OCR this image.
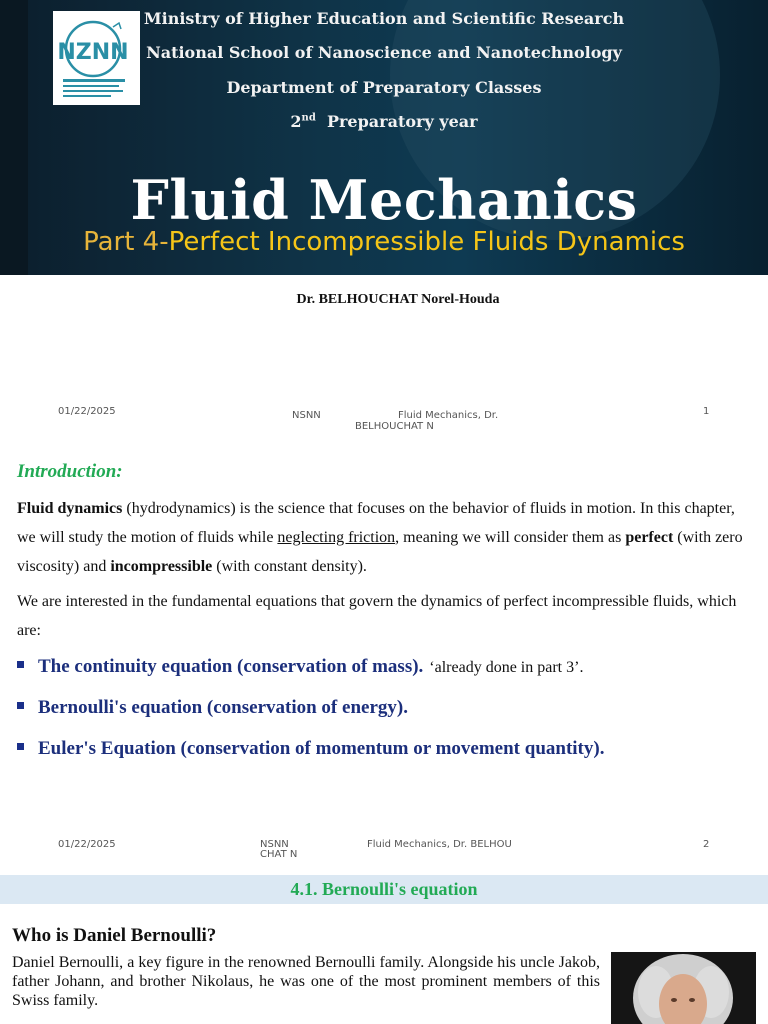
NZNN
Ministry of Higher Education and Scientific Research
National School of Nanoscience and Nanotechnology
Department of Preparatory Classes
2nd Preparatory year
Fluid Mechanics
Part 4-Perfect Incompressible Fluids Dynamics
Dr. BELHOUCHAT Norel-Houda
01/22/2025	NSNN	Fluid Mechanics, Dr.
BELHOUCHAT N
1
Introduction:
Fluid dynamics (hydrodynamics) is the science that focuses on the behavior of fluids in motion. In this chapter, we will study the motion of fluids while neglecting friction, meaning we will consider them as perfect (with zero viscosity) and incompressible (with constant density).
We are interested in the fundamental equations that govern the dynamics of perfect incompressible fluids, which are:
The continuity equation (conservation of mass). ‘already done in part 3’.
Bernoulli's equation (conservation of energy).
Euler's Equation (conservation of momentum or movement quantity).
01/22/2025	NSNN
CHAT N
Fluid Mechanics, Dr. BELHOU	2
4.1. Bernoulli's equation
Who is Daniel Bernoulli?
Daniel Bernoulli, a key figure in the renowned Bernoulli family. Alongside his uncle Jakob, father Johann, and brother Nikolaus, he was one of the most prominent members of this Swiss family.
